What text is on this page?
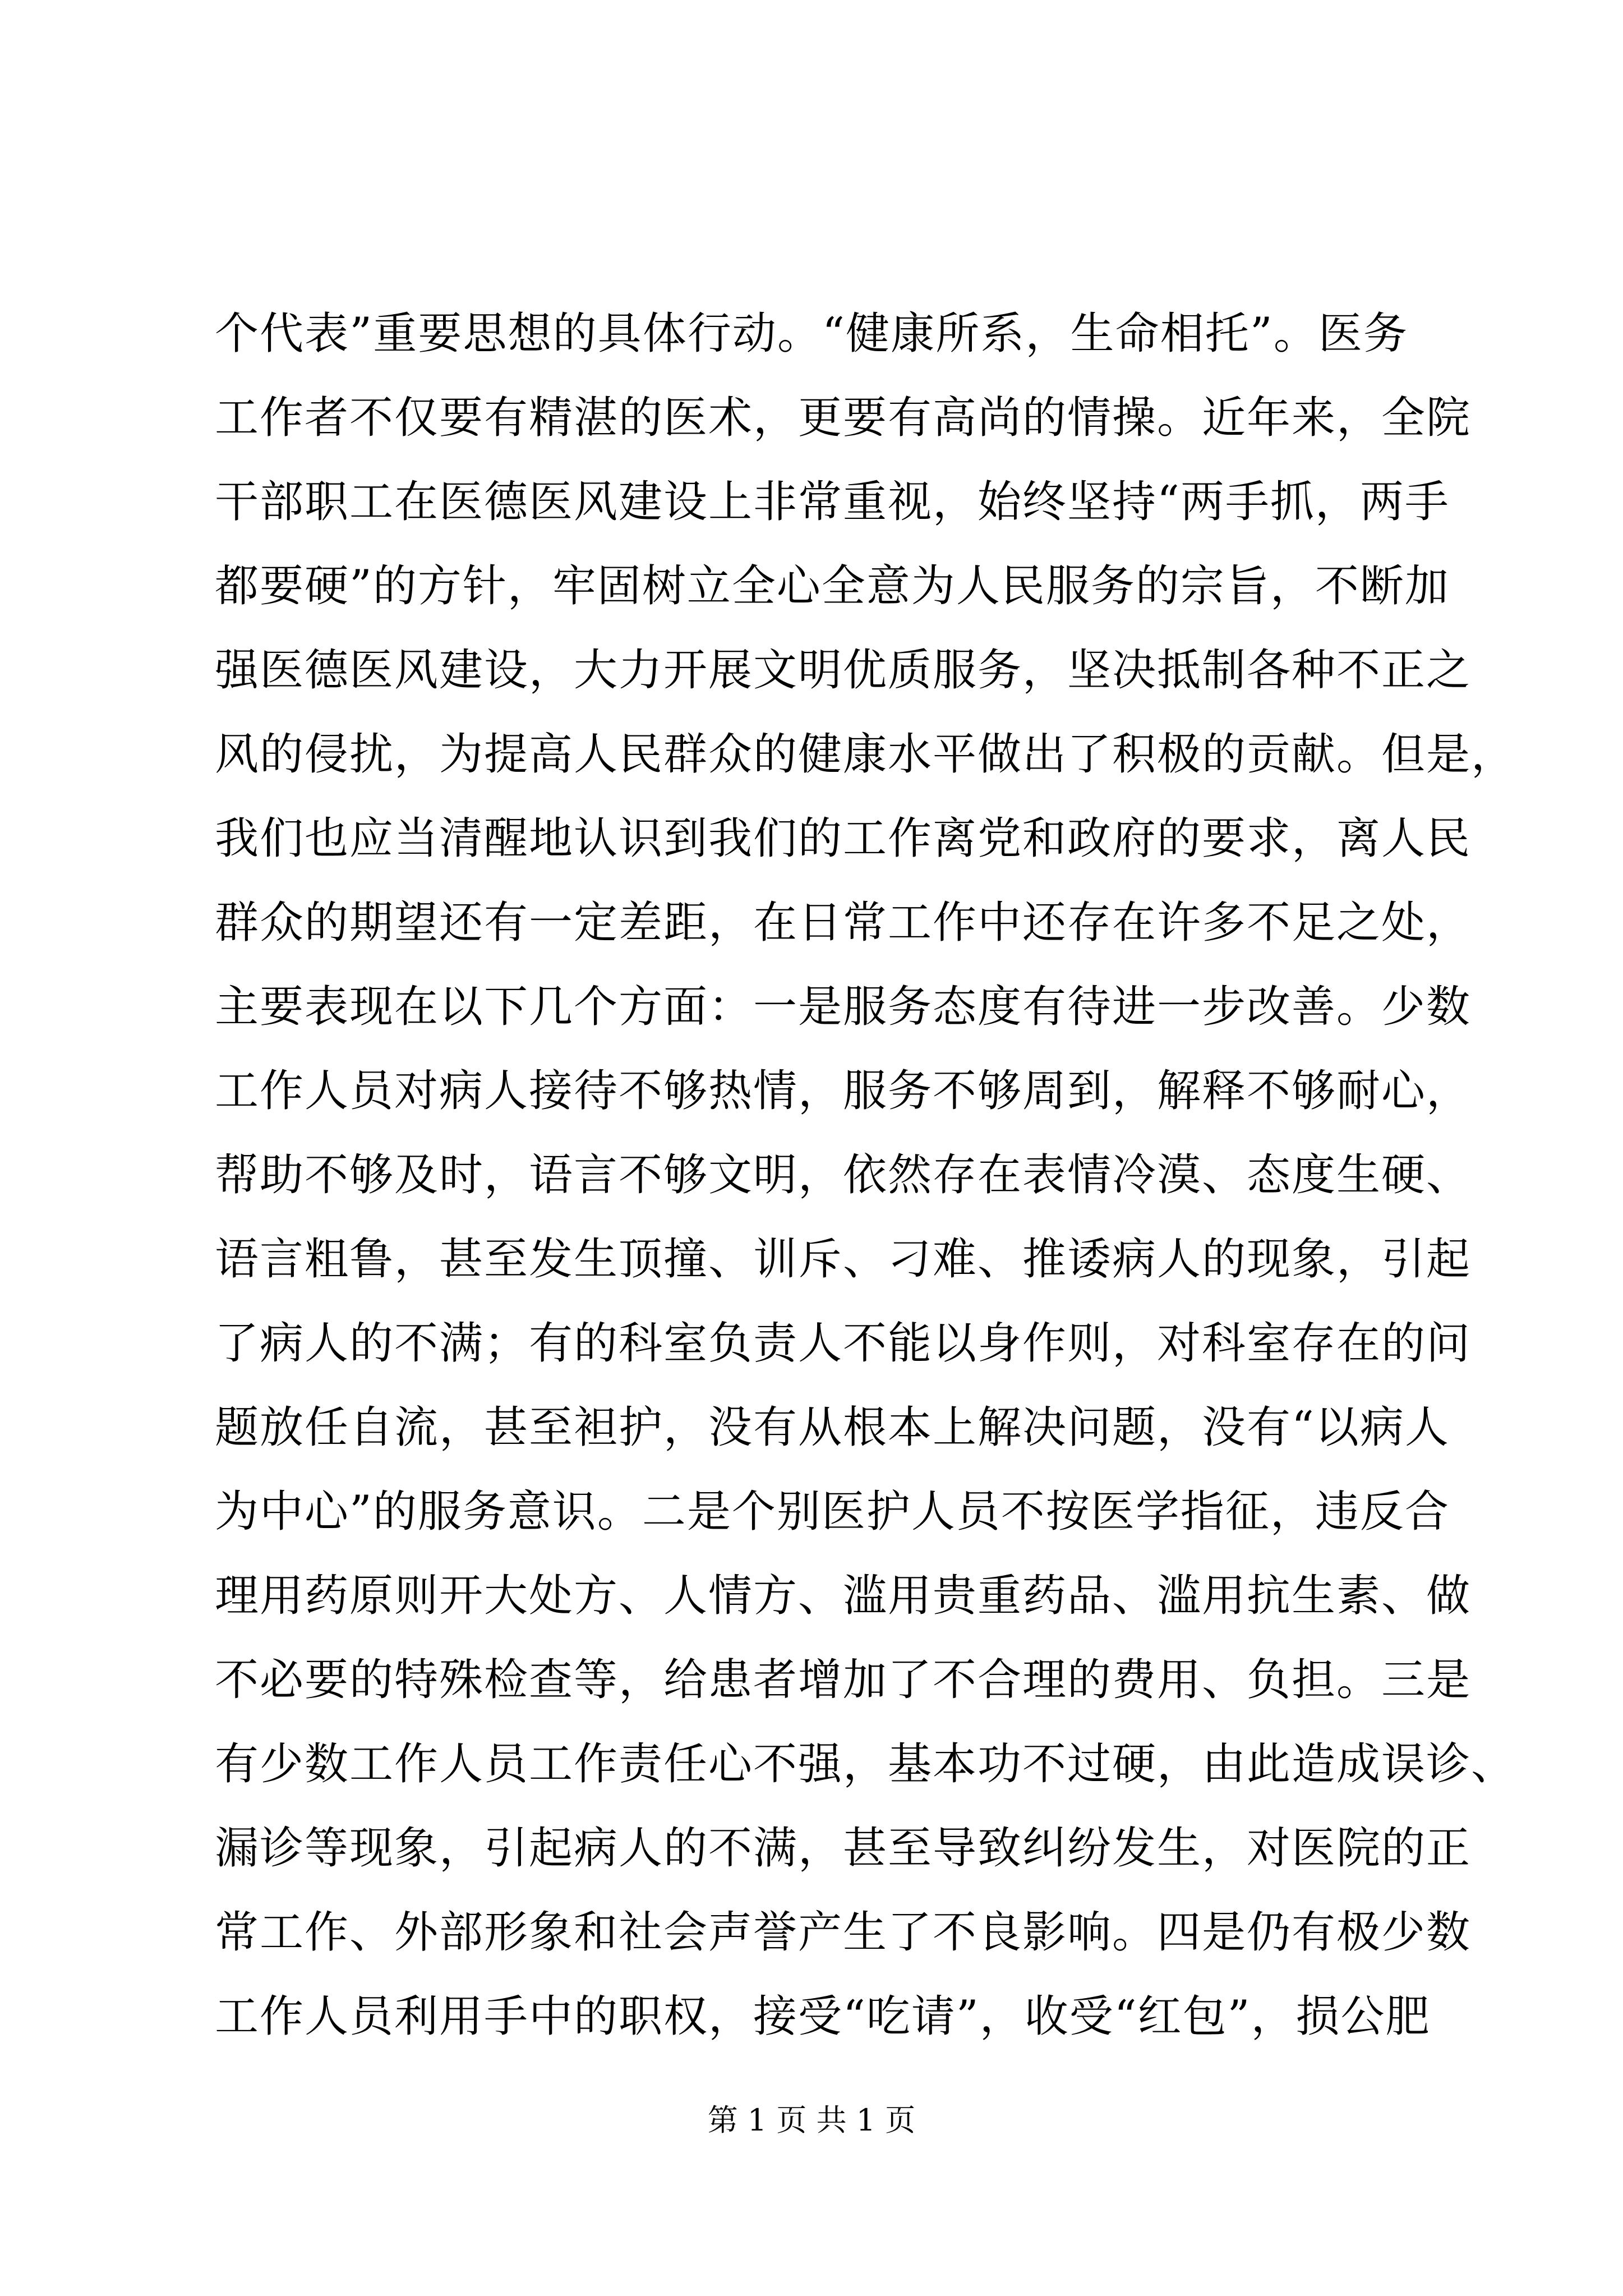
个代表”重要思想的具体行动。“健康所系，生命相托”。医务
工作者不仅要有精湛的医术，更要有高尚的情操。近年来，全院
干部职工在医德医风建设上非常重视，始终坚持“两手抓，两手
都要硬”的方针，牢固树立全心全意为人民服务的宗旨，不断加
强医德医风建设，大力开展文明优质服务，坚决抵制各种不正之
风的侵扰，为提高人民群众的健康水平做出了积极的贡献。但是，
我们也应当清醒地认识到我们的工作离党和政府的要求，离人民
群众的期望还有一定差距，在日常工作中还存在许多不足之处，
主要表现在以下几个方面：一是服务态度有待进一步改善。少数
工作人员对病人接待不够热情，服务不够周到，解释不够耐心，
帮助不够及时，语言不够文明，依然存在表情冷漠、态度生硬、
语言粗鲁，甚至发生顶撞、训斥、刁难、推诿病人的现象，引起
了病人的不满；有的科室负责人不能以身作则，对科室存在的问
题放任自流，甚至袒护，没有从根本上解决问题，没有“以病人
为中心”的服务意识。二是个别医护人员不按医学指征，违反合
理用药原则开大处方、人情方、滥用贵重药品、滥用抗生素、做
不必要的特殊检查等，给患者增加了不合理的费用、负担。三是
有少数工作人员工作责任心不强，基本功不过硬，由此造成误诊、
漏诊等现象，引起病人的不满，甚至导致纠纷发生，对医院的正
常工作、外部形象和社会声誉产生了不良影响。四是仍有极少数
工作人员利用手中的职权，接受“吃请”，收受“红包”，损公肥
第 1 页 共 1 页
